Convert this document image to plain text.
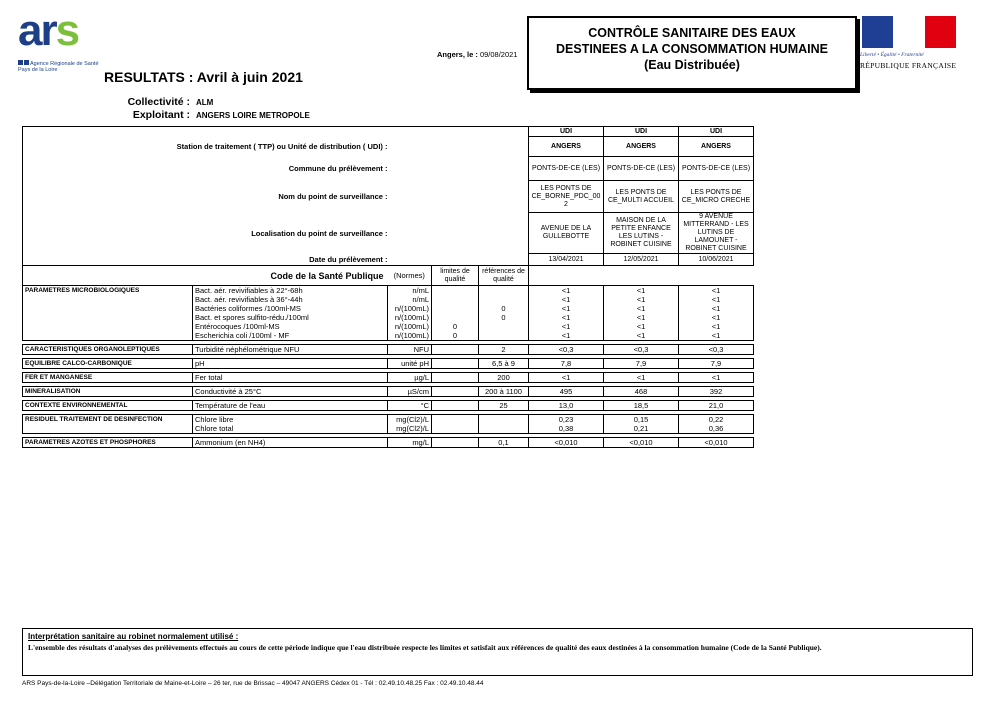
ars
Agence Régionale de Santé
Pays de la Loire	RESULTATS : Avril à juin 2021
Angers, le : 09/08/2021
CONTRÔLE SANITAIRE DES EAUX
DESTINEES A LA CONSOMMATION HUMAINE
(Eau Distribuée)
Liberté • Égalité • Fraternité
RÉPUBLIQUE FRANÇAISE
Collectivité : ALM
Exploitant : ANGERS LOIRE METROPOLE
					UDI	UDI	UDI
Station de traitement ( TTP) ou Unité de distribution ( UDI) :					ANGERS	ANGERS	ANGERS
Commune du prélèvement :					PONTS-DE-CE (LES)	PONTS-DE-CE (LES)	PONTS-DE-CE (LES)
Nom du point de surveillance :					LES PONTS DE CE_BORNE_PDC_00 2	LES PONTS DE CE_MULTI ACCUEIL	LES PONTS DE CE_MICRO CRECHE
Localisation du point de surveillance :					AVENUE DE LA GULLEBOTTE	MAISON DE LA PETITE ENFANCE LES LUTINS - ROBINET CUISINE	9 AVENUE MITTERRAND - LES LUTINS DE LAMOUNET - ROBINET CUISINE
Date du prélèvement :					13/04/2021	12/05/2021	10/06/2021
Code de la Santé Publique		(Normes)	limites de qualité	références de qualité			
PARAMETRES MICROBIOLOGIQUES	Bact. aér. revivifiables à 22°-68h	n/mL			<1	<1	<1
	Bact. aér. revivifiables à 36°-44h	n/mL			<1	<1	<1
	Bactéries coliformes /100ml-MS	n/(100mL)		0	<1	<1	<1
	Bact. et spores sulfito-rédu./100ml	n/(100mL)		0	<1	<1	<1
	Entérocoques /100ml-MS	n/(100mL)	0		<1	<1	<1
	Escherichia coli /100ml - MF	n/(100mL)	0		<1	<1	<1

CARACTERISTIQUES ORGANOLEPTIQUES	Turbidité néphélométrique NFU	NFU		2	<0,3	<0,3	<0,3

EQUILIBRE CALCO-CARBONIQUE	pH	unité pH		6,5 à 9	7,8	7,9	7,9

FER ET MANGANESE	Fer total	µg/L		200	<1	<1	<1

MINERALISATION	Conductivité à 25°C	µS/cm		200 à 1100	495	468	392

CONTEXTE ENVIRONNEMENTAL	Température de l'eau	°C		25	13,0	18,5	21,0

RESIDUEL TRAITEMENT DE DESINFECTION	Chlore libre	mg(Cl2)/L			0,23	0,15	0,22
	Chlore total	mg(Cl2)/L			0,38	0,21	0,36

PARAMETRES AZOTES ET PHOSPHORES	Ammonium (en NH4)	mg/L		0,1	<0,010	<0,010	<0,010
Interprétation sanitaire au robinet normalement utilisé :
L'ensemble des résultats d'analyses des prélèvements effectués au cours de cette période indique que l'eau distribuée respecte les limites et satisfait aux références de qualité des eaux destinées à la consommation humaine (Code de la Santé Publique).
ARS Pays-de-la-Loire –Délégation Territoriale de Maine-et-Loire – 26 ter, rue de Brissac – 49047 ANGERS Cédex 01 - Tél : 02.49.10.48.25 Fax : 02.49.10.48.44
